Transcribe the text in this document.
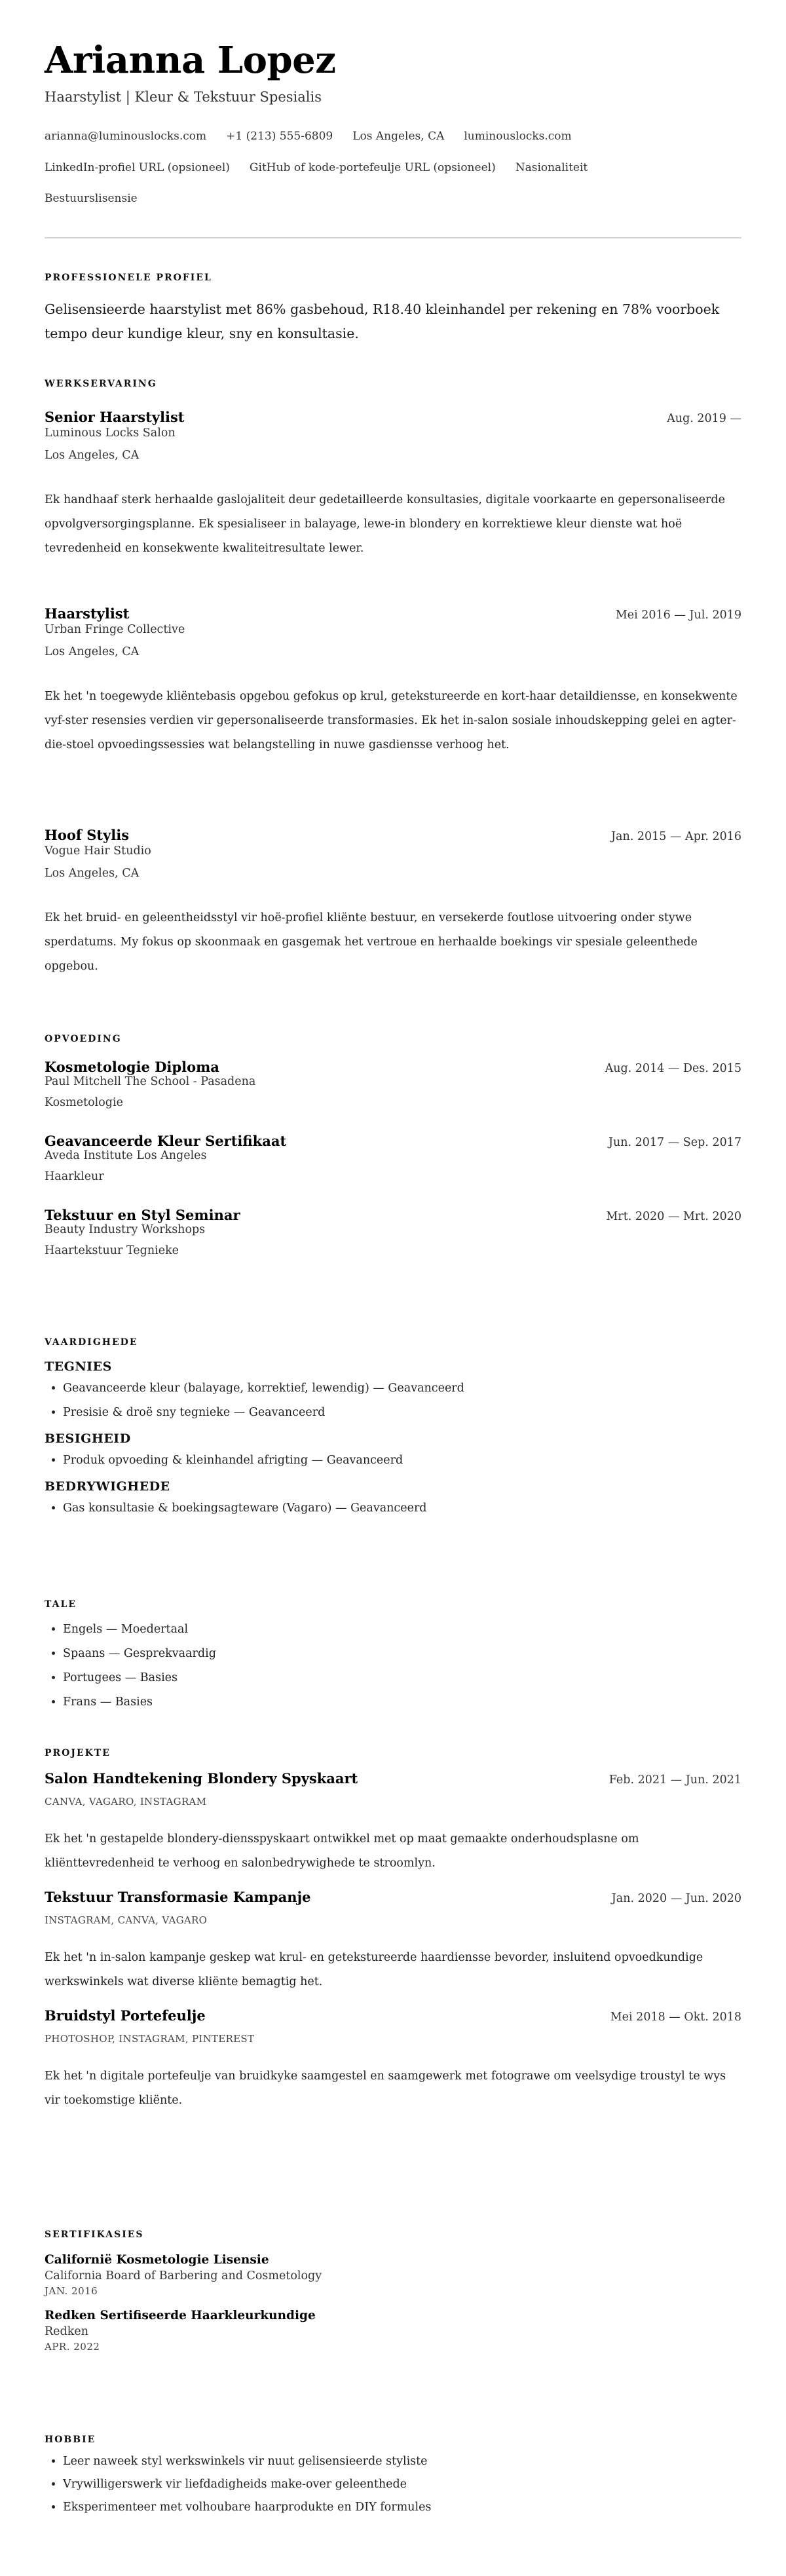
Arianna Lopez
Haarstylist | Kleur & Tekstuur Spesialis
arianna@luminouslocks.com +1 (213) 555-6809 Los Angeles, CA luminouslocks.com
LinkedIn-profiel URL (opsioneel) GitHub of kode-portefeulje URL (opsioneel) Nasionaliteit
Bestuurslisensie
PROFESSIONELE PROFIEL
Gelisensieerde haarstylist met 86% gasbehoud, R18.40 kleinhandel per rekening en 78% voorboek tempo deur kundige kleur, sny en konsultasie.
WERKSERVARING
Senior Haarstylist	Aug. 2019 —
Luminous Locks Salon
Los Angeles, CA
Ek handhaaf sterk herhaalde gaslojaliteit deur gedetailleerde konsultasies, digitale voorkaarte en gepersonaliseerde opvolgversorgingsplanne. Ek spesialiseer in balayage, lewe-in blondery en korrektiewe kleur dienste wat hoë tevredenheid en konsekwente kwaliteitresultate lewer.
Haarstylist	Mei 2016 — Jul. 2019
Urban Fringe Collective
Los Angeles, CA
Ek het 'n toegewyde kliëntebasis opgebou gefokus op krul, getekstureerde en kort-haar detaildiensse, en konsekwente vyf-ster resensies verdien vir gepersonaliseerde transformasies. Ek het in-salon sosiale inhoudskepping gelei en agter-die-stoel opvoedingssessies wat belangstelling in nuwe gasdiensse verhoog het.
Hoof Stylis	Jan. 2015 — Apr. 2016
Vogue Hair Studio
Los Angeles, CA
Ek het bruid- en geleentheidsstyl vir hoë-profiel kliënte bestuur, en versekerde foutlose uitvoering onder stywe sperdatums. My fokus op skoonmaak en gasgemak het vertroue en herhaalde boekings vir spesiale geleenthede opgebou.
OPVOEDING
Kosmetologie Diploma	Aug. 2014 — Des. 2015
Paul Mitchell The School - Pasadena
Kosmetologie
Geavanceerde Kleur Sertifikaat	Jun. 2017 — Sep. 2017
Aveda Institute Los Angeles
Haarkleur
Tekstuur en Styl Seminar	Mrt. 2020 — Mrt. 2020
Beauty Industry Workshops
Haartekstuur Tegnieke
VAARDIGHEDE
TEGNIES
• Geavanceerde kleur (balayage, korrektief, lewendig) — Geavanceerd
• Presisie & droë sny tegnieke — Geavanceerd
BESIGHEID
• Produk opvoeding & kleinhandel afrigting — Geavanceerd
BEDRYWIGHEDE
• Gas konsultasie & boekingsagteware (Vagaro) — Geavanceerd
TALE
• Engels — Moedertaal
• Spaans — Gesprekvaardig
• Portugees — Basies
• Frans — Basies
PROJEKTE
Salon Handtekening Blondery Spyskaart	Feb. 2021 — Jun. 2021
CANVA, VAGARO, INSTAGRAM
Ek het 'n gestapelde blondery-diensspyskaart ontwikkel met op maat gemaakte onderhoudsplasne om kliënttevredenheid te verhoog en salonbedrywighede te stroomlyn.
Tekstuur Transformasie Kampanje	Jan. 2020 — Jun. 2020
INSTAGRAM, CANVA, VAGARO
Ek het 'n in-salon kampanje geskep wat krul- en getekstureerde haardiensse bevorder, insluitend opvoedkundige werkswinkels wat diverse kliënte bemagtig het.
Bruidstyl Portefeulje	Mei 2018 — Okt. 2018
PHOTOSHOP, INSTAGRAM, PINTEREST
Ek het 'n digitale portefeulje van bruidkyke saamgestel en saamgewerk met fotograwe om veelsydige troustyl te wys vir toekomstige kliënte.
SERTIFIKASIES
Californië Kosmetologie Lisensie
California Board of Barbering and Cosmetology
JAN. 2016
Redken Sertifiseerde Haarkleurkundige
Redken
APR. 2022
HOBBIE
• Leer naweek styl werkswinkels vir nuut gelisensieerde styliste
• Vrywilligerswerk vir liefdadigheids make-over geleenthede
• Eksperimenteer met volhoubare haarprodukte en DIY formules
